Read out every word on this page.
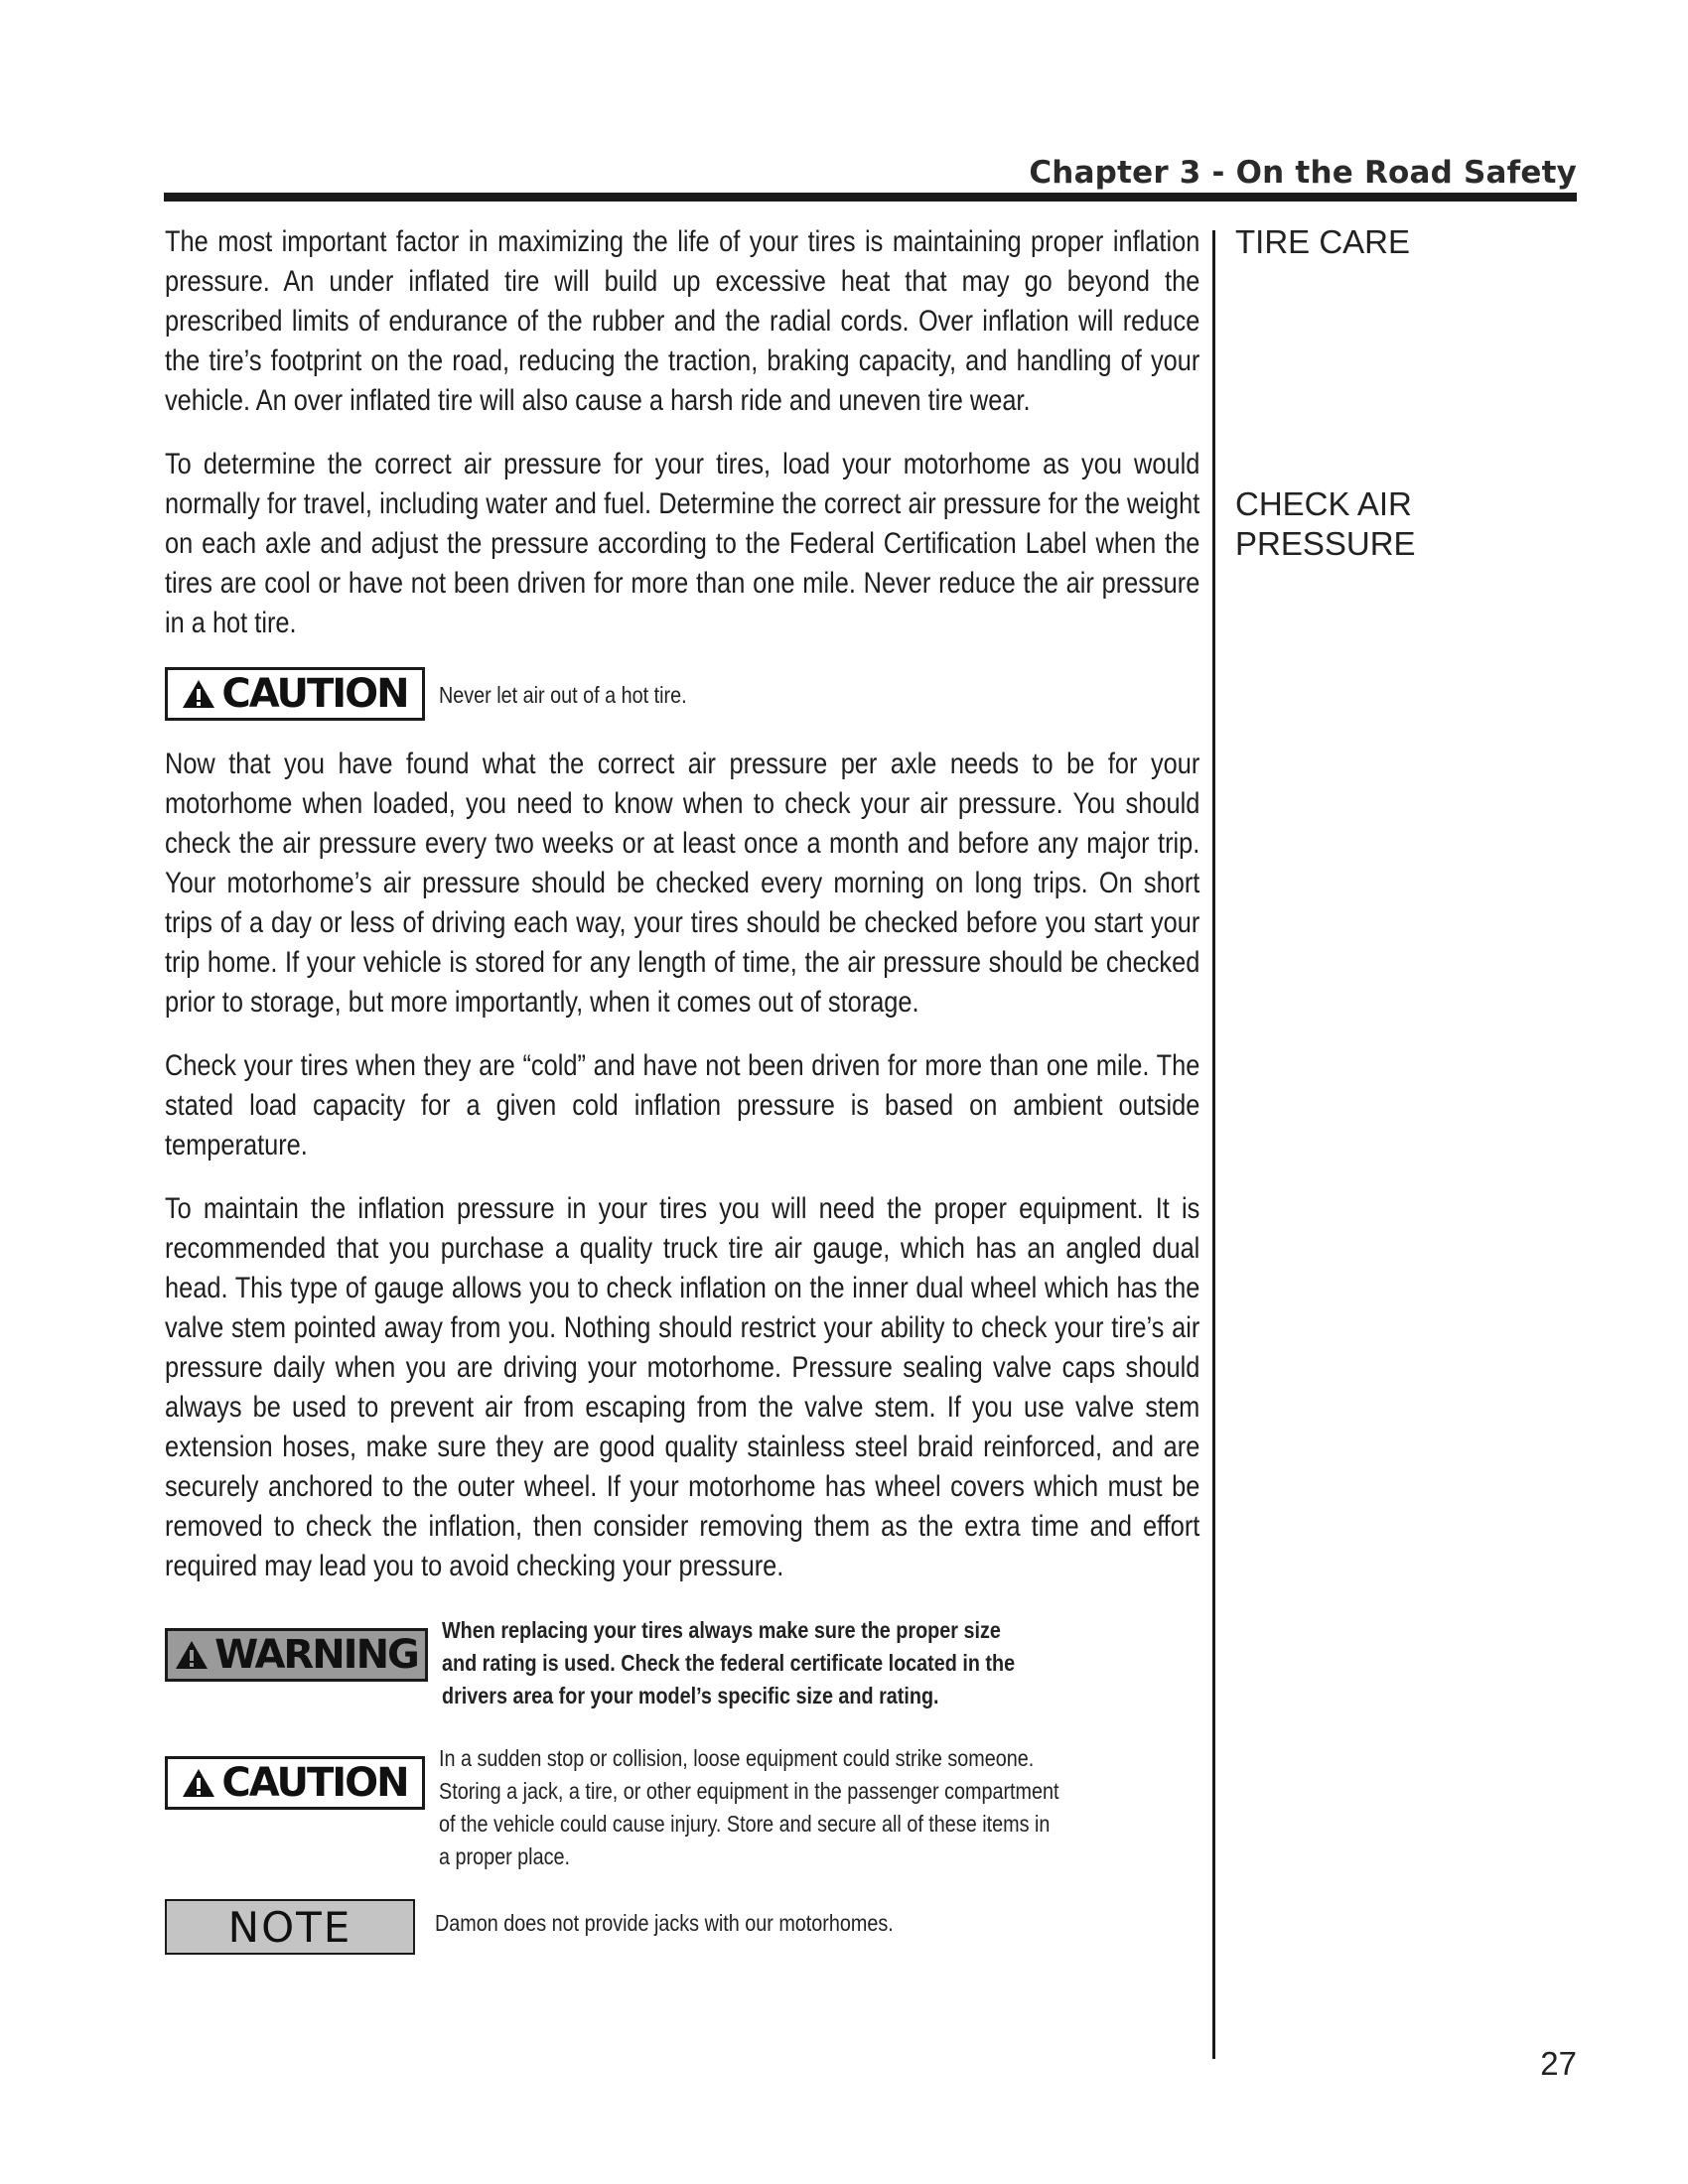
Chapter 3 - On the Road Safety
TIRE CARE
CHECK AIR
PRESSURE

The most important factor in maximizing the life of your tires is maintaining proper inflation pressure. An under inflated tire will build up excessive heat that may go beyond the prescribed limits of endurance of the rubber and the radial cords. Over inflation will reduce the tire’s footprint on the road, reducing the traction, braking capacity, and handling of your vehicle. An over inflated tire will also cause a harsh ride and uneven tire wear.

To determine the correct air pressure for your tires, load your motorhome as you would normally for travel, including water and fuel. Determine the correct air pressure for the weight on each axle and adjust the pressure according to the Federal Certification Label when the tires are cool or have not been driven for more than one mile. Never reduce the air pressure in a hot tire.

CAUTION Never let air out of a hot tire.

Now that you have found what the correct air pressure per axle needs to be for your motorhome when loaded, you need to know when to check your air pressure. You should check the air pressure every two weeks or at least once a month and before any major trip. Your motorhome’s air pressure should be checked every morning on long trips. On short trips of a day or less of driving each way, your tires should be checked before you start your trip home. If your vehicle is stored for any length of time, the air pressure should be checked prior to storage, but more importantly, when it comes out of storage.

Check your tires when they are “cold” and have not been driven for more than one mile. The stated load capacity for a given cold inflation pressure is based on ambient outside temperature.

To maintain the inflation pressure in your tires you will need the proper equipment. It is recommended that you purchase a quality truck tire air gauge, which has an angled dual head. This type of gauge allows you to check inflation on the inner dual wheel which has the valve stem pointed away from you. Nothing should restrict your ability to check your tire’s air pressure daily when you are driving your motorhome. Pressure sealing valve caps should always be used to prevent air from escaping from the valve stem. If you use valve stem extension hoses, make sure they are good quality stainless steel braid reinforced, and are securely anchored to the outer wheel. If your motorhome has wheel covers which must be removed to check the inflation, then consider removing them as the extra time and effort required may lead you to avoid checking your pressure.

WARNING
When replacing your tires always make sure the proper size and rating is used. Check the federal certificate located in the drivers area for your model’s specific size and rating.
CAUTION
In a sudden stop or collision, loose equipment could strike someone. Storing a jack, a tire, or other equipment in the passenger compartment of the vehicle could cause injury. Store and secure all of these items in a proper place.
NOTE	Damon does not provide jacks with our motorhomes.
27
